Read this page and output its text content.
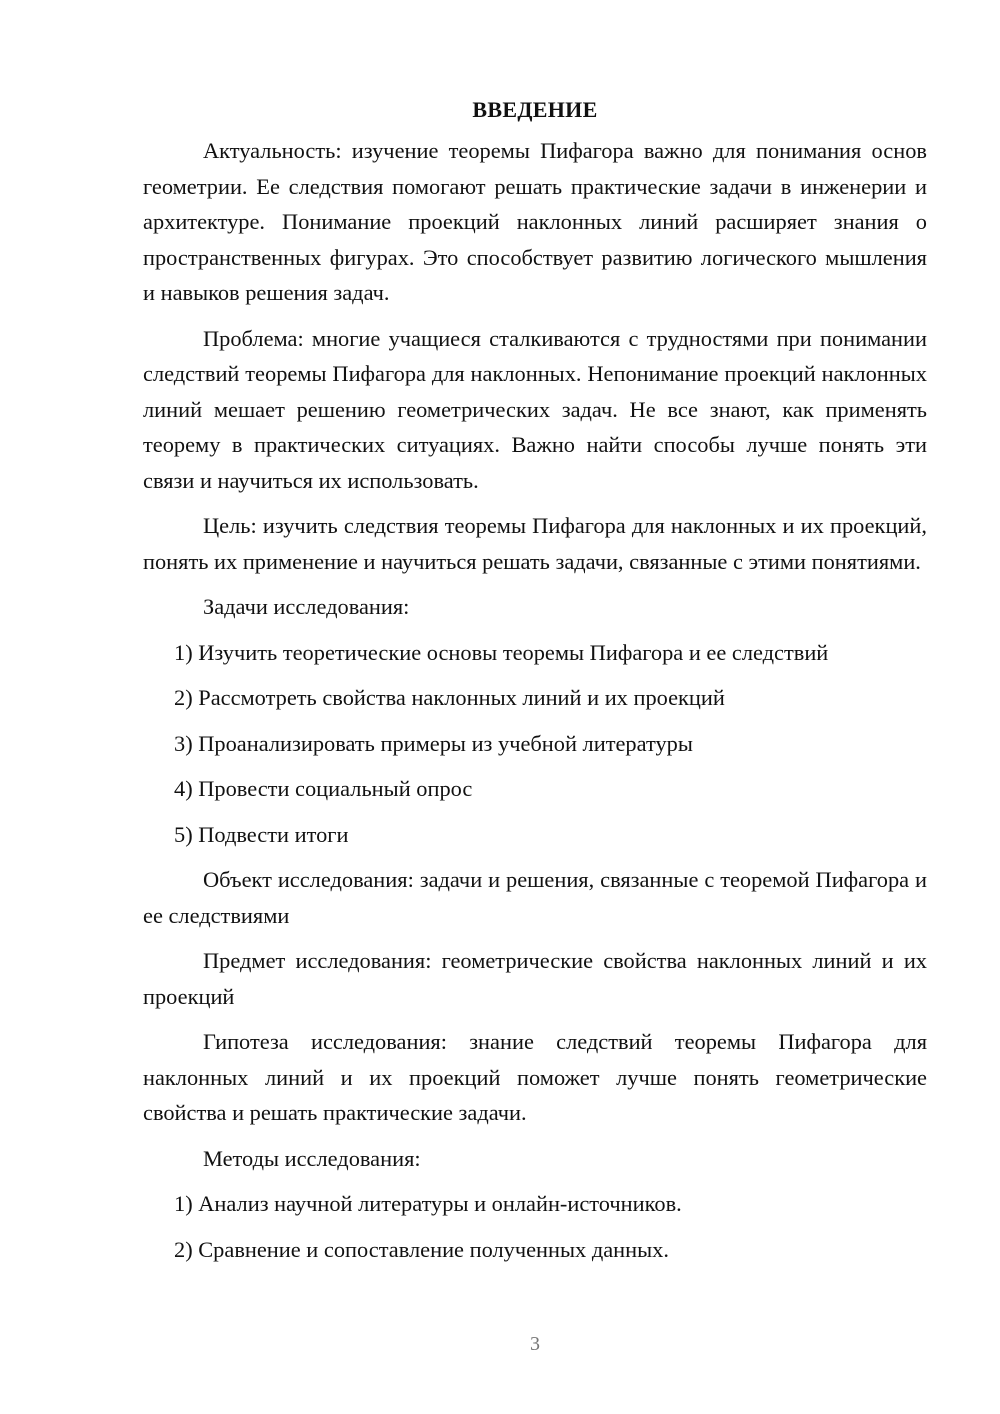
ВВЕДЕНИЕ

Актуальность: изучение теоремы Пифагора важно для понимания основ геометрии. Ее следствия помогают решать практические задачи в инженерии и архитектуре. Понимание проекций наклонных линий расширяет знания о пространственных фигурах. Это способствует развитию логического мышления и навыков решения задач.

Проблема: многие учащиеся сталкиваются с трудностями при понимании следствий теоремы Пифагора для наклонных. Непонимание проекций наклонных линий мешает решению геометрических задач. Не все знают, как применять теорему в практических ситуациях. Важно найти способы лучше понять эти связи и научиться их использовать.

Цель: изучить следствия теоремы Пифагора для наклонных и их проекций, понять их применение и научиться решать задачи, связанные с этими понятиями.

Задачи исследования:

1) Изучить теоретические основы теоремы Пифагора и ее следствий
2) Рассмотреть свойства наклонных линий и их проекций
3) Проанализировать примеры из учебной литературы
4) Провести социальный опрос
5) Подвести итоги

Объект исследования: задачи и решения, связанные с теоремой Пифагора и ее следствиями

Предмет исследования: геометрические свойства наклонных линий и их проекций

Гипотеза исследования: знание следствий теоремы Пифагора для наклонных линий и их проекций поможет лучше понять геометрические свойства и решать практические задачи.

Методы исследования:

1) Анализ научной литературы и онлайн-источников.
2) Сравнение и сопоставление полученных данных.
3
